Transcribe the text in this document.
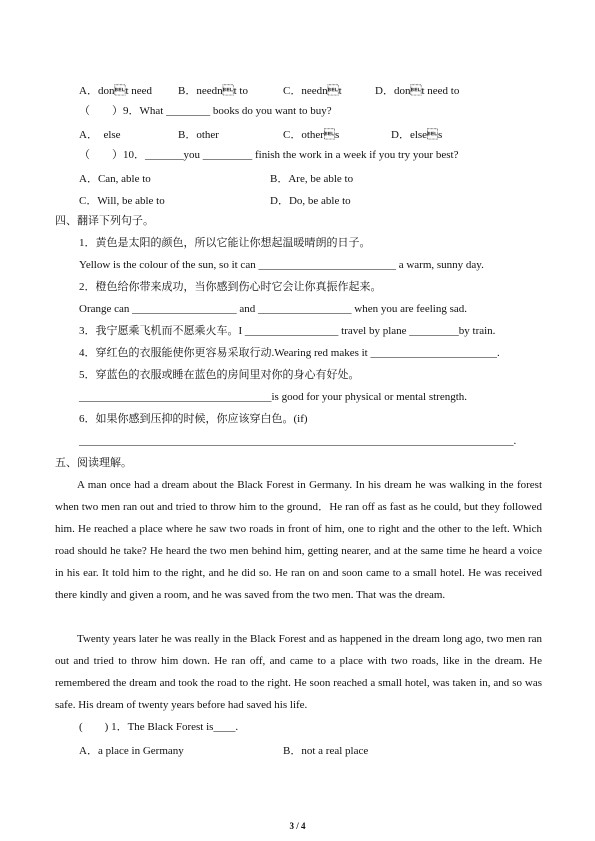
A．dont need B．neednt to	C．neednt	D．dont need to
（　　）9．What ________ books do you want to buy?
A．　else	B．other	C．others	D．elses
（　　）10．_______you _________ finish the work in a week if you try your best?
A．Can, able to	B．Are, be able to
C．Will, be able to	D．Do, be able to
四、翻译下列句子。
1．黄色是太阳的颜色，所以它能让你想起温暖晴朗的日子。
Yellow is the colour of the sun, so it can _________________________ a warm, sunny day.
2．橙色给你带来成功，当你感到伤心时它会让你真振作起来。
Orange can ___________________ and _________________ when you are feeling sad.
3．我宁愿乘飞机而不愿乘火车。I _________________ travel by plane _________by train.
4．穿红色的衣服能使你更容易采取行动.Wearing red makes it _______________________.
5．穿蓝色的衣服或睡在蓝色的房间里对你的身心有好处。
___________________________________is good for your physical or mental strength.
6．如果你感到压抑的时候，你应该穿白色。(if)
_______________________________________________________________________________.
五、阅读理解。
A man once had a dream about the Black Forest in Germany. In his dream he was walking in the forest when two men ran out and tried to throw him to the ground．He ran off as fast as he could, but they followed him. He reached a place where he saw two roads in front of him, one to right and the other to the left. Which road should he take? He heard the two men behind him, getting nearer, and at the same time he heard a voice in his ear. It told him to the right, and he did so. He ran on and soon came to a small hotel. He was received there kindly and given a room, and he was saved from the two men. That was the dream.
Twenty years later he was really in the Black Forest and as happened in the dream long ago, two men ran out and tried to throw him down. He ran off, and came to a place with two roads, like in the dream. He remembered the dream and took the road to the right. He soon reached a small hotel, was taken in, and so was safe. His dream of twenty years before had saved his life.
(　　) 1．The Black Forest is____.
A．a place in Germany	B．not a real place
3 / 4
